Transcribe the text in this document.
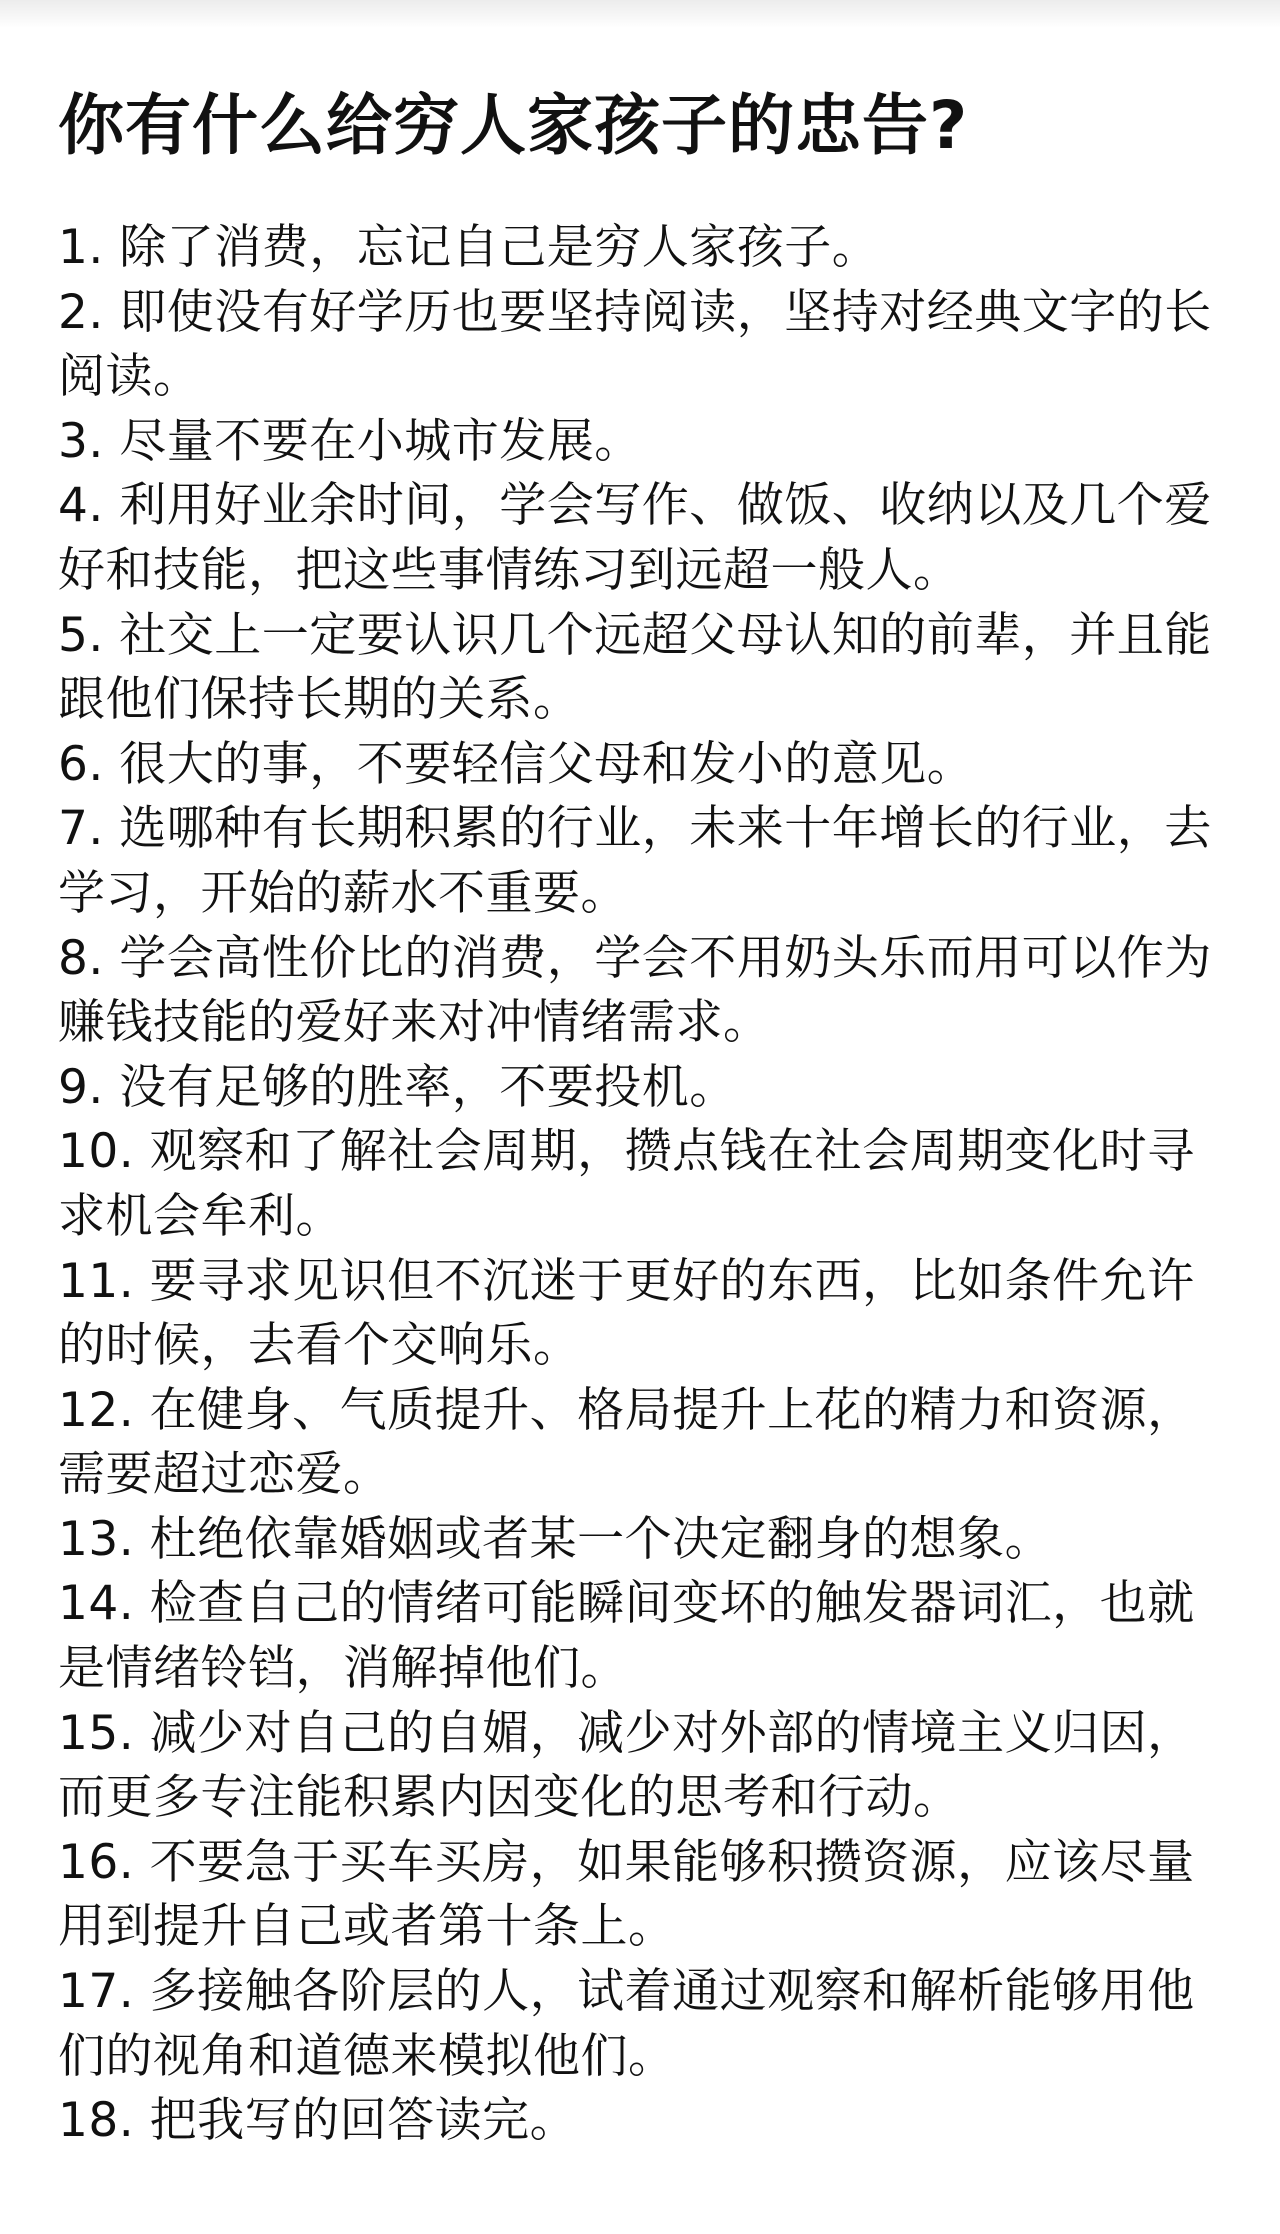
你有什么给穷人家孩子的忠告?
1. 除了消费，忘记自己是穷人家孩子。
2. 即使没有好学历也要坚持阅读，坚持对经典文字的长阅读。
3. 尽量不要在小城市发展。
4. 利用好业余时间，学会写作、做饭、收纳以及几个爱好和技能，把这些事情练习到远超一般人。
5. 社交上一定要认识几个远超父母认知的前辈，并且能跟他们保持长期的关系。
6. 很大的事，不要轻信父母和发小的意见。
7. 选哪种有长期积累的行业，未来十年增长的行业，去学习，开始的薪水不重要。
8. 学会高性价比的消费，学会不用奶头乐而用可以作为赚钱技能的爱好来对冲情绪需求。
9. 没有足够的胜率，不要投机。
10. 观察和了解社会周期，攒点钱在社会周期变化时寻求机会牟利。
11. 要寻求见识但不沉迷于更好的东西，比如条件允许的时候，去看个交响乐。
12. 在健身、气质提升、格局提升上花的精力和资源，需要超过恋爱。
13. 杜绝依靠婚姻或者某一个决定翻身的想象。
14. 检查自己的情绪可能瞬间变坏的触发器词汇，也就是情绪铃铛，消解掉他们。
15. 减少对自己的自媚，减少对外部的情境主义归因，而更多专注能积累内因变化的思考和行动。
16. 不要急于买车买房，如果能够积攒资源，应该尽量用到提升自己或者第十条上。
17. 多接触各阶层的人，试着通过观察和解析能够用他们的视角和道德来模拟他们。
18. 把我写的回答读完。
